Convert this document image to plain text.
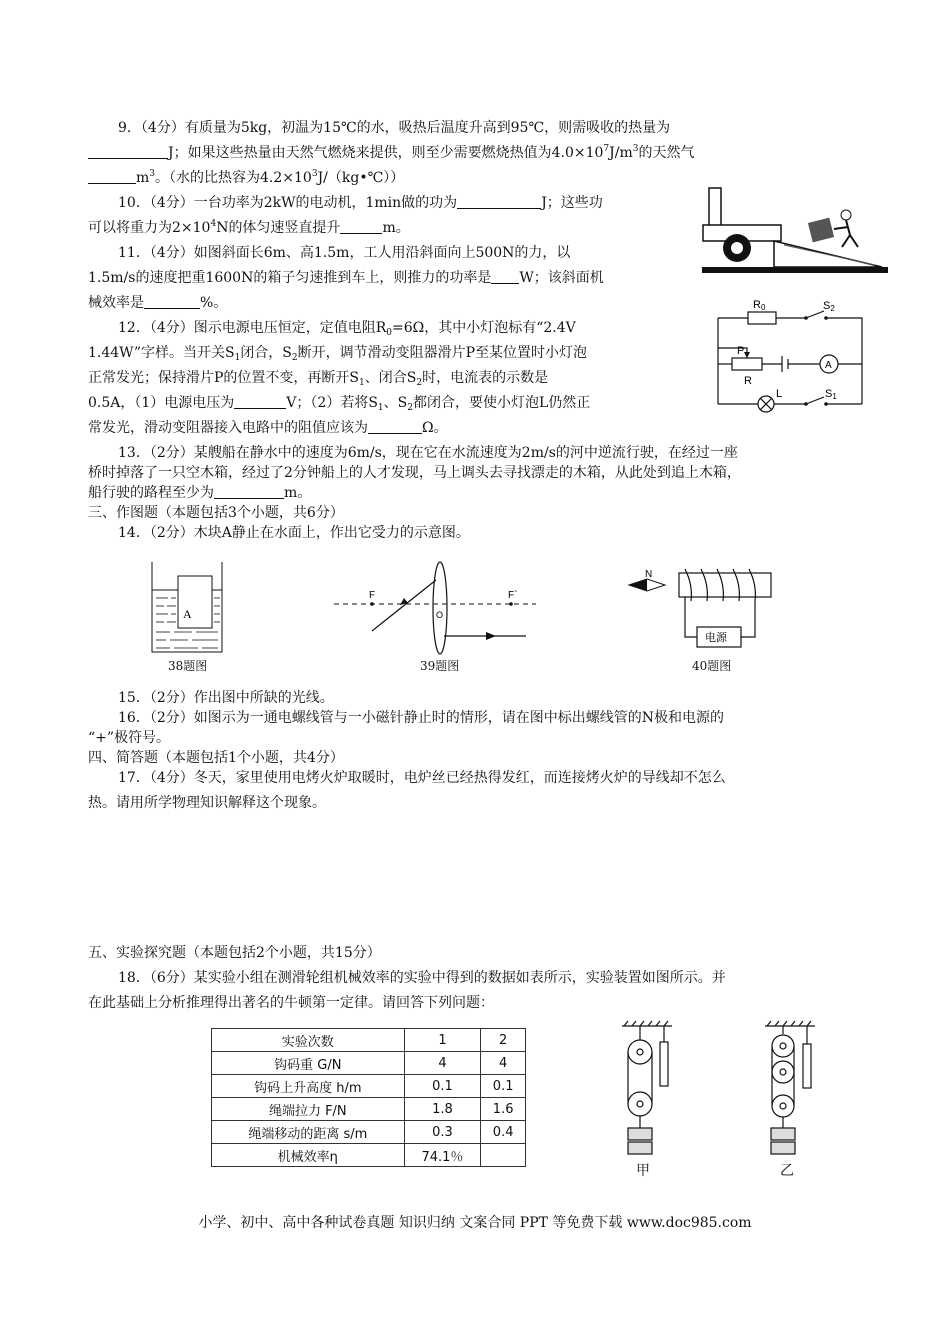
9．（4分）有质量为5kg，初温为15℃的水，吸热后温度升高到95℃，则需吸收的热量为
J；如果这些热量由天然气燃烧来提供，则至少需要燃烧热值为$4.0\times 10^7J/m^3$的天然气
$m^3$。（水的比热容为$4.2\times 10^3J/(kg•℃)$）
10．（4分）一台功率为2kW的电动机，1min做的功为	J；这些功
可以将重力为$2\times 10^4N$的体匀速竖直提升	m。
11．（4分）如图斜面长6m、高1.5m，工人用沿斜面向上500N的力，以
1.5m/s的速度把重1600N的箱子匀速推到车上，则推力的功率是 W；该斜面机
械效率是	%。
12．（4分）图示电源电压恒定，定值电阻$R_0=6\Omega$，其中小灯泡标有“2.4V
1.44W”字样。当开关$S_1$闭合，$S_2$断开，调节滑动变阻器滑片P至某位置时小灯泡
正常发光；保持滑片P的位置不变，再断开$S_1$、闭合$S_2$时，电流表的示数是
0.5A，（1）电源电压为	V；（2）若将$S_1$、$S_2$都闭合，要使小灯泡L仍然正
常发光，滑动变阻器接入电路中的阻值应该为	Ω。
R0	S2
P
R
A
L	S1
13．（2分）某艘船在静水中的速度为6m/s，现在它在水流速度为2m/s的河中逆流行驶，在经过一座
桥时掉落了一只空木箱，经过了2分钟船上的人才发现，马上调头去寻找漂走的木箱，从此处到追上木箱，
船行驶的路程至少为	m。
三、作图题（本题包括3个小题，共6分）
14．（2分）木块A静止在水面上，作出它受力的示意图。
A
38题图
F
O
F`
39题图
N
电源
40题图
15．（2分）作出图中所缺的光线。
16．（2分）如图示为一通电螺线管与一小磁针静止时的情形，请在图中标出螺线管的N极和电源的
“+”极符号。
四、简答题（本题包括1个小题，共4分）
17．（4分）冬天，家里使用电烤火炉取暖时，电炉丝已经热得发红，而连接烤火炉的导线却不怎么
热。请用所学物理知识解释这个现象。
五、实验探究题（本题包括2个小题，共15分）
18．（6分）某实验小组在测滑轮组机械效率的实验中得到的数据如表所示，实验装置如图所示。并
在此基础上分析推理得出著名的牛顿第一定律。请回答下列问题：
实验次数	1	2
钩码重 G/N	4	4
钩码上升高度 h/m	0.1	0.1
绳端拉力 F/N	1.8	1.6
绳端移动的距离 s/m	0.3	0.4
机械效率η	74.1％	
甲	乙
小学、初中、高中各种试卷真题 知识归纳 文案合同 PPT 等免费下载 www.doc985.com
